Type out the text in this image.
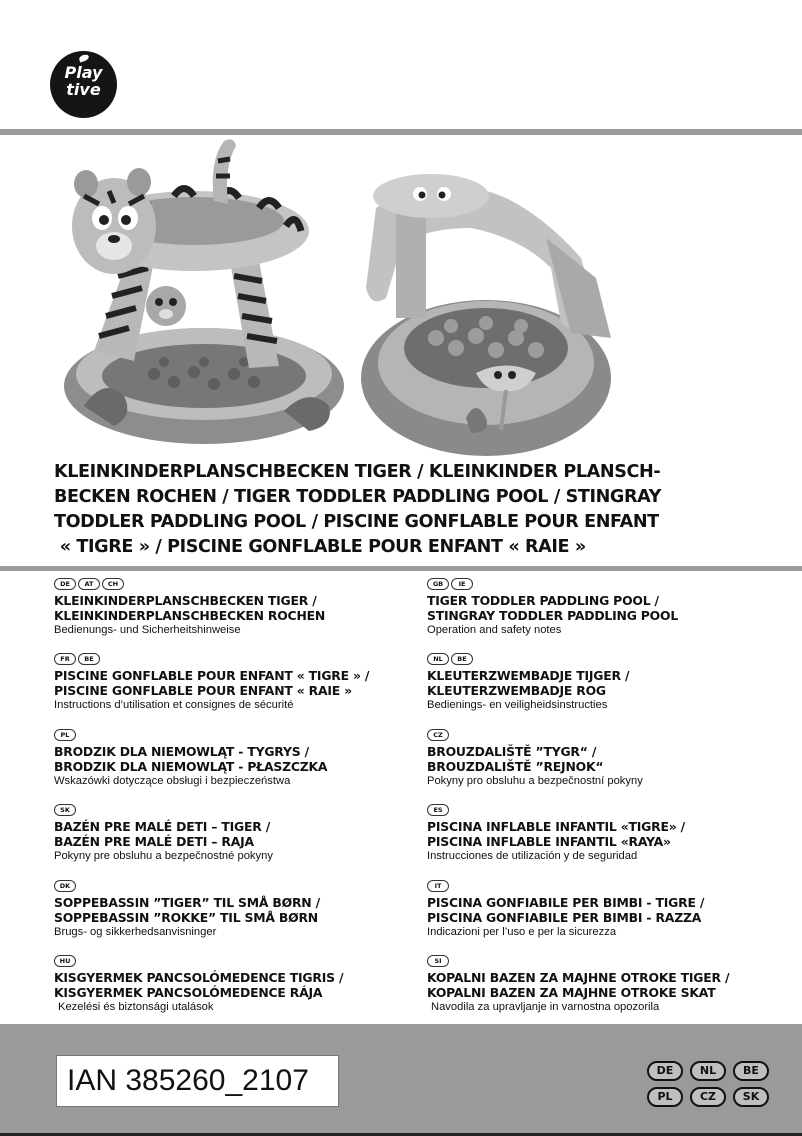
Play
tive
KLEINKINDERPLANSCHBECKEN TIGER / KLEINKINDER PLANSCH-
BECKEN ROCHEN / TIGER TODDLER PADDLING POOL / STINGRAY
TODDLER PADDLING POOL / PISCINE GONFLABLE POUR ENFANT
« TIGRE » / PISCINE GONFLABLE POUR ENFANT « RAIE »
DE	AT	CH
KLEINKINDERPLANSCHBECKEN TIGER /
KLEINKINDERPLANSCHBECKEN ROCHEN
Bedienungs- und Sicherheitshinweise
GB	IE
TIGER TODDLER PADDLING POOL /
STINGRAY TODDLER PADDLING POOL
Operation and safety notes
FR	BE
PISCINE GONFLABLE POUR ENFANT « TIGRE » /
PISCINE GONFLABLE POUR ENFANT « RAIE »
Instructions d’utilisation et consignes de sécurité
NL	BE
KLEUTERZWEMBADJE TIJGER /
KLEUTERZWEMBADJE ROG
Bedienings- en veiligheidsinstructies
PL
BRODZIK DLA NIEMOWLĄT - TYGRYS /
BRODZIK DLA NIEMOWLĄT - PŁASZCZKA
Wskazówki dotyczące obsługi i bezpieczeństwa
CZ
BROUZDALIŠTĚ ”TYGR“ /
BROUZDALIŠTĚ ”REJNOK“
Pokyny pro obsluhu a bezpečnostní pokyny
SK
BAZÉN PRE MALÉ DETI – TIGER /
BAZÉN PRE MALÉ DETI – RAJA
Pokyny pre obsluhu a bezpečnostné pokyny
ES
PISCINA INFLABLE INFANTIL «TIGRE» /
PISCINA INFLABLE INFANTIL «RAYA»
Instrucciones de utilización y de seguridad
DK
SOPPEBASSIN ”TIGER” TIL SMÅ BØRN /
SOPPEBASSIN ”ROKKE” TIL SMÅ BØRN
Brugs- og sikkerhedsanvisninger
IT
PISCINA GONFIABILE PER BIMBI - TIGRE /
PISCINA GONFIABILE PER BIMBI - RAZZA
Indicazioni per l’uso e per la sicurezza
HU
KISGYERMEK PANCSOLÓMEDENCE TIGRIS /
KISGYERMEK PANCSOLÓMEDENCE RÁJA
Kezelési és biztonsági utalások
SI
KOPALNI BAZEN ZA MAJHNE OTROKE TIGER /
KOPALNI BAZEN ZA MAJHNE OTROKE SKAT
Navodila za upravljanje in varnostna opozorila
IAN 385260_2107	DE	NL	BE
PL	CZ	SK
